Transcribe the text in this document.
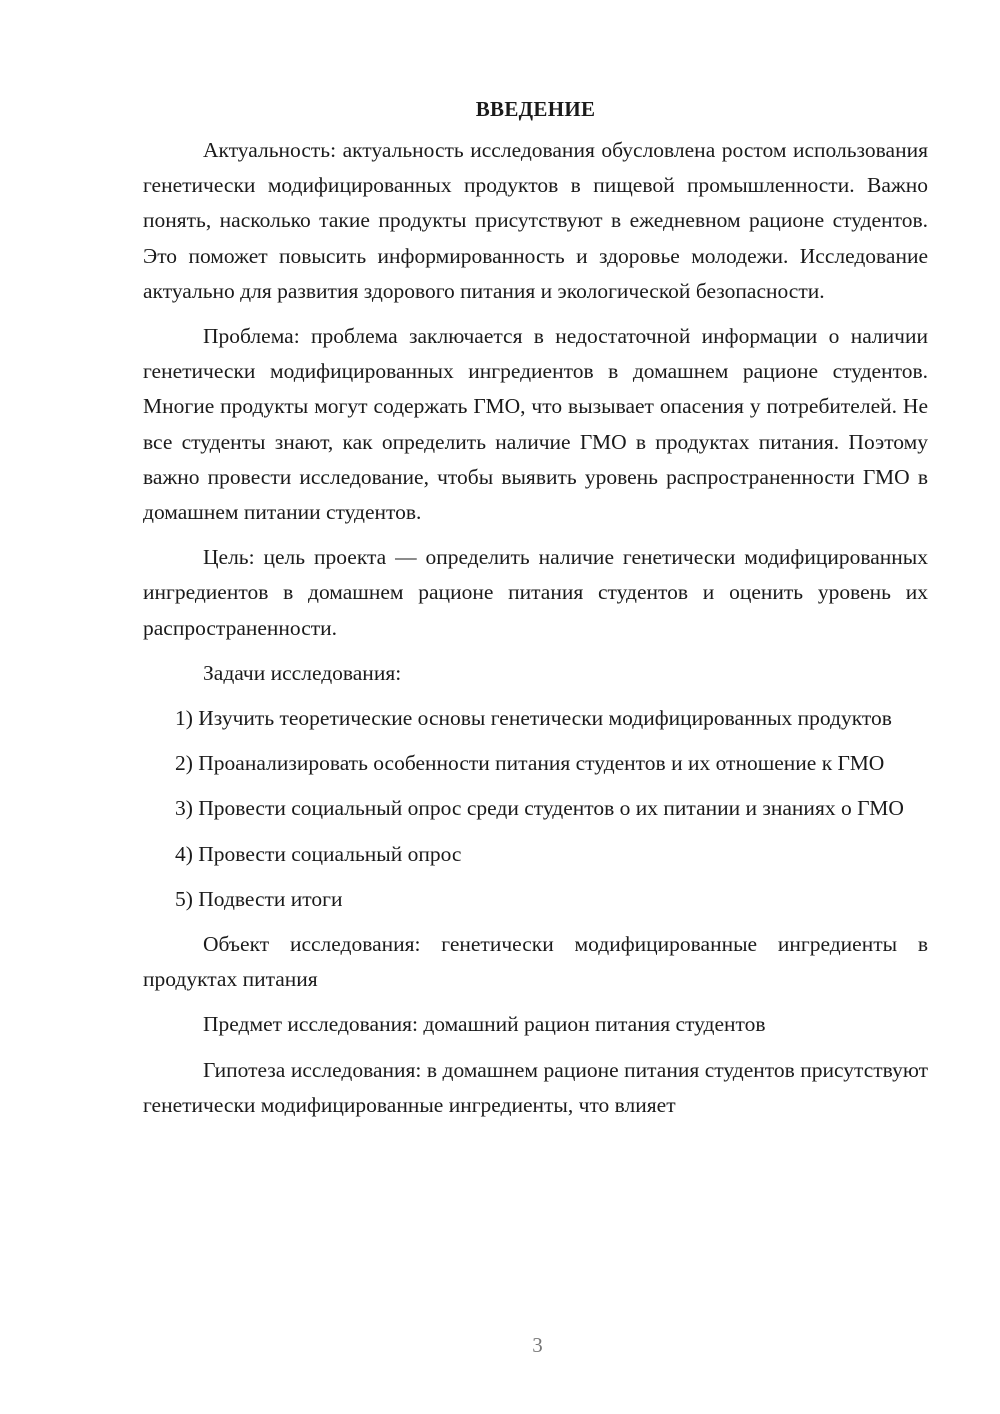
ВВЕДЕНИЕ

Актуальность: актуальность исследования обусловлена ростом использования генетически модифицированных продуктов в пищевой промышленности. Важно понять, насколько такие продукты присутствуют в ежедневном рационе студентов. Это поможет повысить информированность и здоровье молодежи. Исследование актуально для развития здорового питания и экологической безопасности.

Проблема: проблема заключается в недостаточной информации о наличии генетически модифицированных ингредиентов в домашнем рационе студентов. Многие продукты могут содержать ГМО, что вызывает опасения у потребителей. Не все студенты знают, как определить наличие ГМО в продуктах питания. Поэтому важно провести исследование, чтобы выявить уровень распространенности ГМО в домашнем питании студентов.

Цель: цель проекта — определить наличие генетически модифицированных ингредиентов в домашнем рационе питания студентов и оценить уровень их распространенности.

Задачи исследования:

1) Изучить теоретические основы генетически модифицированных продуктов

2) Проанализировать особенности питания студентов и их отношение к ГМО

3) Провести социальный опрос среди студентов о их питании и знаниях о ГМО

4) Провести социальный опрос

5) Подвести итоги

Объект исследования: генетически модифицированные ингредиенты в продуктах питания

Предмет исследования: домашний рацион питания студентов

Гипотеза исследования: в домашнем рационе питания студентов присутствуют генетически модифицированные ингредиенты, что влияет

3
